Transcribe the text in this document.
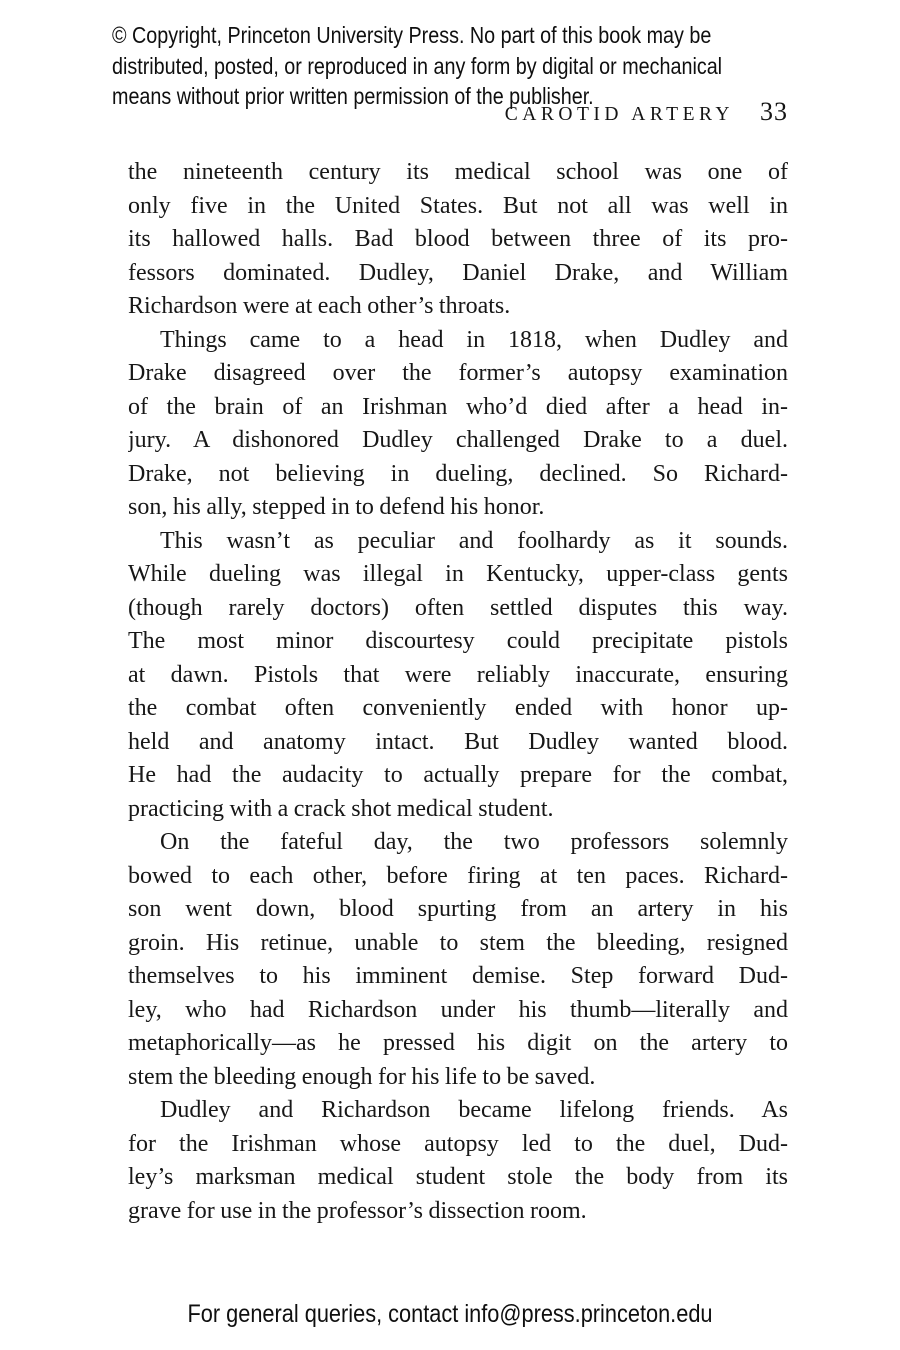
© Copyright, Princeton University Press. No part of this book may be
distributed, posted, or reproduced in any form by digital or mechanical
means without prior written permission of the publisher.
CAROTID ARTERY 33
the nineteenth century its medical school was one of
only five in the United States. But not all was well in
its hallowed halls. Bad blood between three of its pro-
fessors dominated. Dudley, Daniel Drake, and William
Richardson were at each other’s throats.
Things came to a head in 1818, when Dudley and
Drake disagreed over the former’s autopsy examination
of the brain of an Irishman who’d died after a head in-
jury. A dishonored Dudley challenged Drake to a duel.
Drake, not believing in dueling, declined. So Richard-
son, his ally, stepped in to defend his honor.
This wasn’t as peculiar and foolhardy as it sounds.
While dueling was illegal in Kentucky, upper-class gents
(though rarely doctors) often settled disputes this way.
The most minor discourtesy could precipitate pistols
at dawn. Pistols that were reliably inaccurate, ensuring
the combat often conveniently ended with honor up-
held and anatomy intact. But Dudley wanted blood.
He had the audacity to actually prepare for the combat,
practicing with a crack shot medical student.
On the fateful day, the two professors solemnly
bowed to each other, before firing at ten paces. Richard-
son went down, blood spurting from an artery in his
groin. His retinue, unable to stem the bleeding, resigned
themselves to his imminent demise. Step forward Dud-
ley, who had Richardson under his thumb—literally and
metaphorically—as he pressed his digit on the artery to
stem the bleeding enough for his life to be saved.
Dudley and Richardson became lifelong friends. As
for the Irishman whose autopsy led to the duel, Dud-
ley’s marksman medical student stole the body from its
grave for use in the professor’s dissection room.
For general queries, contact info@press.princeton.edu
